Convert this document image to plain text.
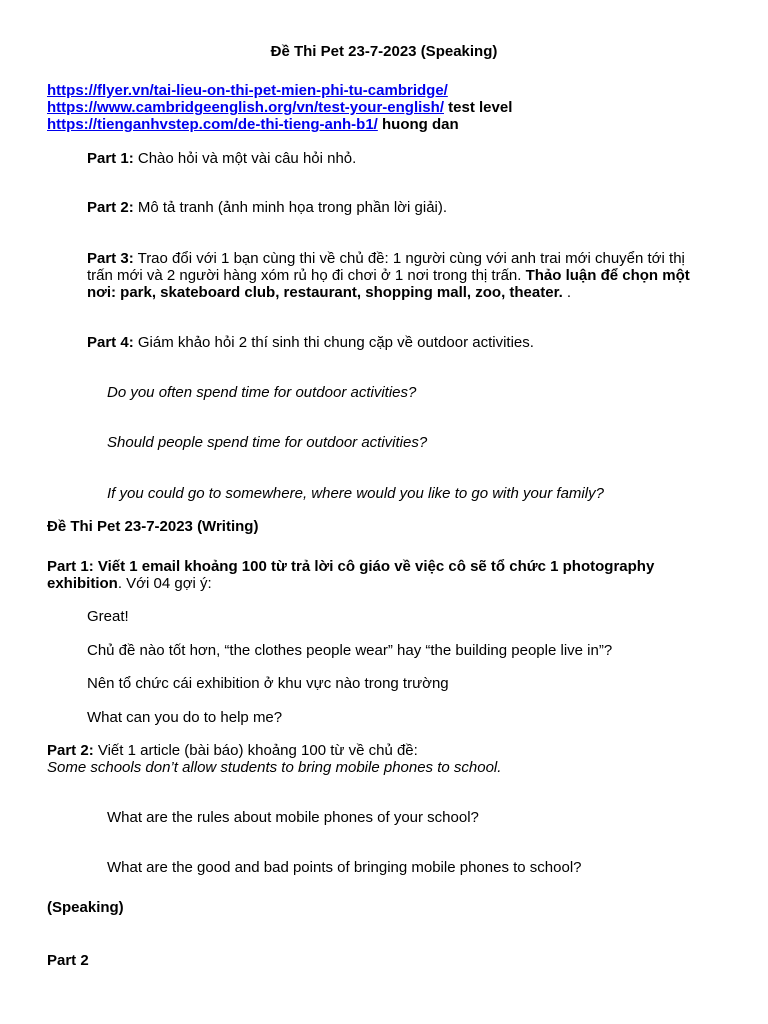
Đề Thi Pet 23-7-2023 (Speaking)
https://flyer.vn/tai-lieu-on-thi-pet-mien-phi-tu-cambridge/
https://www.cambridgeenglish.org/vn/test-your-english/ test level
https://tienganhvstep.com/de-thi-tieng-anh-b1/ huong dan
Part 1: Chào hỏi và một vài câu hỏi nhỏ.
Part 2: Mô tả tranh (ảnh minh họa trong phần lời giải).
Part 3: Trao đổi với 1 bạn cùng thi về chủ đề: 1 người cùng với anh trai mới chuyển tới thị
trấn mới và 2 người hàng xóm rủ họ đi chơi ở 1 nơi trong thị trấn. Thảo luận để chọn một
nơi: park, skateboard club, restaurant, shopping mall, zoo, theater. .
Part 4: Giám khảo hỏi 2 thí sinh thi chung cặp về outdoor activities.
Do you often spend time for outdoor activities?
Should people spend time for outdoor activities?
If you could go to somewhere, where would you like to go with your family?
Đề Thi Pet 23-7-2023 (Writing)
Part 1: Viết 1 email khoảng 100 từ trả lời cô giáo về việc cô sẽ tổ chức 1 photography
exhibition. Với 04 gợi ý:
Great!
Chủ đề nào tốt hơn, “the clothes people wear” hay “the building people live in”?
Nên tổ chức cái exhibition ở khu vực nào trong trường
What can you do to help me?
Part 2: Viết 1 article (bài báo) khoảng 100 từ về chủ đề:
Some schools don’t allow students to bring mobile phones to school.
What are the rules about mobile phones of your school?
What are the good and bad points of bringing mobile phones to school?
(Speaking)
Part 2
